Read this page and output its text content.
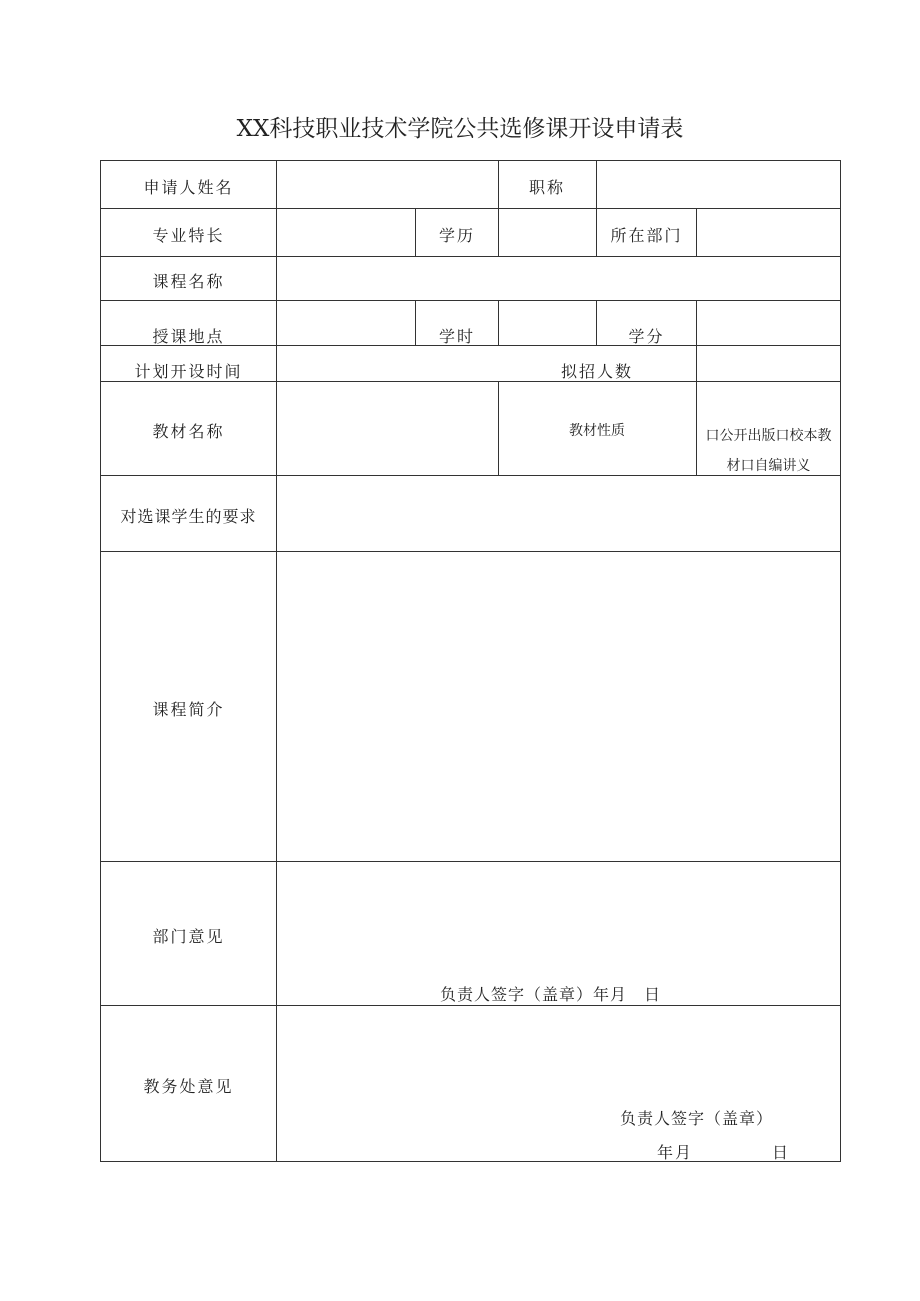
XX科技职业技术学院公共选修课开设申请表
申请人姓名	职称
专业特长	学历	所在部门
课程名称
授课地点	学时	学分
计划开设时间	拟招人数
教材名称	教材性质	口公开出版口校本教
材口自编讲义
对选课学生的要求
课程简介
部门意见
负责人签字（盖章）年月　日
教务处意见
负责人签字（盖章）
年月	日
